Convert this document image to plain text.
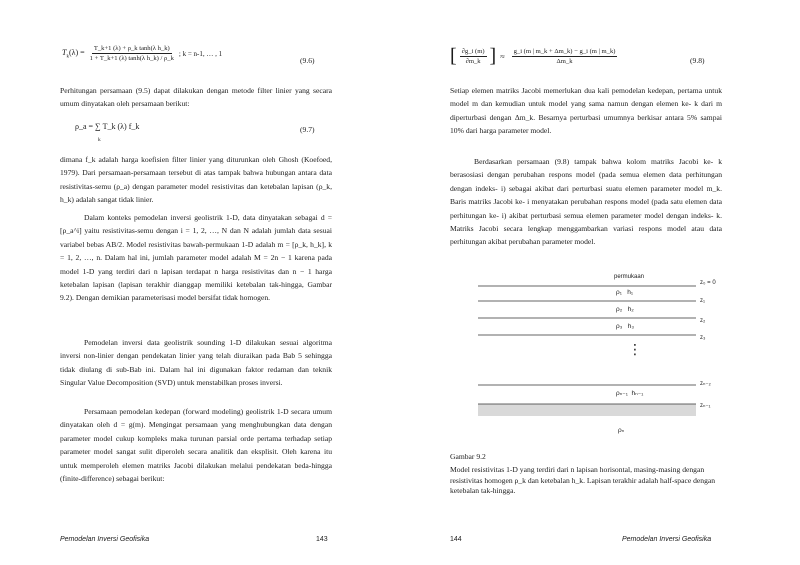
$T_k(\lambda) = \frac{\text{T\_k+1 (λ) + ρ\_k tanh(λ h\_k)}}{\text{1 + T\_k+1 (λ) tanh(λ h\_k) / ρ\_k}}$ ; k = n-1, … , 1
(9.6)

Perhitungan persamaan (9.5) dapat dilakukan dengan metode filter linier yang secara umum dinyatakan oleh persamaan berikut:

ρ_a = ∑ T_k (λ) f_k
k
(9.7)

dimana f_k adalah harga koefisien filter linier yang diturunkan oleh Ghosh (Koefoed, 1979). Dari persamaan-persamaan tersebut di atas tampak bahwa hubungan antara data resistivitas-semu (ρ_a) dengan parameter model resistivitas dan ketebalan lapisan (ρ_k, h_k) adalah sangat tidak linier.

Dalam konteks pemodelan inversi geolistrik 1-D, data dinyatakan sebagai d = [ρ_a^i] yaitu resistivitas-semu dengan i = 1, 2, …, N dan N adalah jumlah data sesuai variabel bebas AB/2. Model resistivitas bawah-permukaan 1-D adalah m = [ρ_k, h_k], k = 1, 2, …, n. Dalam hal ini, jumlah parameter model adalah M = 2n − 1 karena pada model 1-D yang terdiri dari n lapisan terdapat n harga resistivitas dan n − 1 harga ketebalan lapisan (lapisan terakhir dianggap memiliki ketebalan tak-hingga, Gambar 9.2). Dengan demikian parameterisasi model bersifat tidak homogen.

Pemodelan inversi data geolistrik sounding 1-D dilakukan sesuai algoritma inversi non-linier dengan pendekatan linier yang telah diuraikan pada Bab 5 sehingga tidak diulang di sub-Bab ini. Dalam hal ini digunakan faktor redaman dan teknik Singular Value Decomposition (SVD) untuk menstabilkan proses inversi.

Persamaan pemodelan kedepan (forward modeling) geolistrik 1-D secara umum dinyatakan oleh d = g(m). Mengingat persamaan yang menghubungkan data dengan parameter model cukup kompleks maka turunan parsial orde pertama terhadap setiap parameter model sangat sulit diperoleh secara analitik dan eksplisit. Oleh karena itu untuk memperoleh elemen matriks Jacobi dilakukan melalui pendekatan beda-hingga (finite-difference) sebagai berikut:

Pemodelan Inversi Geofisika	143
[ $\frac{\partial g\_i (m)}{\partial m\_k}$ ] ≈ $\frac{g\_i (m | m\_k + \Delta m\_k) - g\_i (m | m\_k)}{\Delta m\_k}$	(9.8)

Setiap elemen matriks Jacobi memerlukan dua kali pemodelan kedepan, pertama untuk model m dan kemudian untuk model yang sama namun dengan elemen ke- k dari m diperturbasi dengan Δm_k. Besarnya perturbasi umumnya berkisar antara 5% sampai 10% dari harga parameter model.

Berdasarkan persamaan (9.8) tampak bahwa kolom matriks Jacobi ke- k berasosiasi dengan perubahan respons model (pada semua elemen data perhitungan dengan indeks- i) sebagai akibat dari perturbasi suatu elemen parameter model m_k. Baris matriks Jacobi ke- i menyatakan perubahan respons model (pada satu elemen data perhitungan ke- i) akibat perturbasi semua elemen parameter model dengan indeks- k. Matriks Jacobi secara lengkap menggambarkan variasi respons model atau data perhitungan akibat perubahan parameter model.

permukaan
z₀ = 0
z₁
z₂
z₃
zₙ₋₂
zₙ₋₁
ρ₁   h₁
ρ₂   h₂
ρ₃   h₃
⋮
ρₙ₋₁  hₙ₋₁
ρₙ
Gambar 9.2

Model resistivitas 1-D yang terdiri dari n lapisan horisontal, masing-masing dengan resistivitas homogen ρ_k dan ketebalan h_k. Lapisan terakhir adalah half-space dengan ketebalan tak-hingga.

144	Pemodelan Inversi Geofisika
